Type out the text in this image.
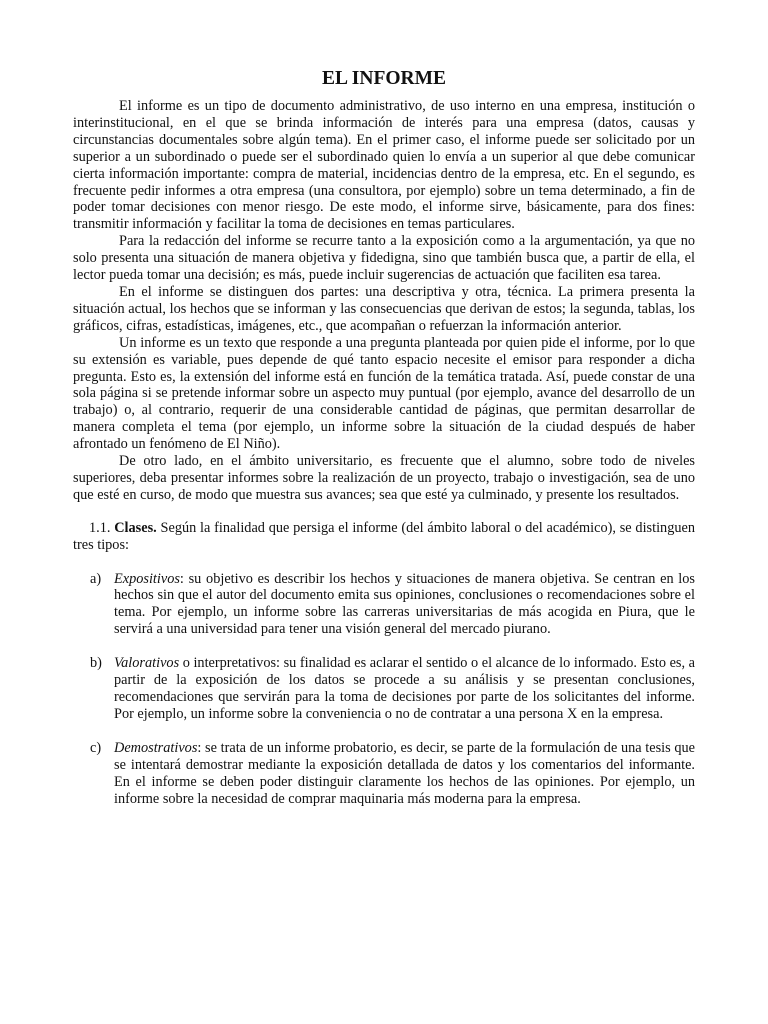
EL INFORME

El informe es un tipo de documento administrativo, de uso interno en una empresa, institución o interinstitucional, en el que se brinda información de interés para una empresa (datos, causas y circunstancias documentales sobre algún tema). En el primer caso, el informe puede ser solicitado por un superior a un subordinado o puede ser el subordinado quien lo envía a un superior al que debe comunicar cierta información importante: compra de material, incidencias dentro de la empresa, etc. En el segundo, es frecuente pedir informes a otra empresa (una consultora, por ejemplo) sobre un tema determinado, a fin de poder tomar decisiones con menor riesgo. De este modo, el informe sirve, básicamente, para dos fines: transmitir información y facilitar la toma de decisiones en temas particulares.

Para la redacción del informe se recurre tanto a la exposición como a la argumentación, ya que no solo presenta una situación de manera objetiva y fidedigna, sino que también busca que, a partir de ella, el lector pueda tomar una decisión; es más, puede incluir sugerencias de actuación que faciliten esa tarea.

En el informe se distinguen dos partes: una descriptiva y otra, técnica. La primera presenta la situación actual, los hechos que se informan y las consecuencias que derivan de estos; la segunda, tablas, los gráficos, cifras, estadísticas, imágenes, etc., que acompañan o refuerzan la información anterior.

Un informe es un texto que responde a una pregunta planteada por quien pide el informe, por lo que su extensión es variable, pues depende de qué tanto espacio necesite el emisor para responder a dicha pregunta. Esto es, la extensión del informe está en función de la temática tratada. Así, puede constar de una sola página si se pretende informar sobre un aspecto muy puntual (por ejemplo, avance del desarrollo de un trabajo) o, al contrario, requerir de una considerable cantidad de páginas, que permitan desarrollar de manera completa el tema (por ejemplo, un informe sobre la situación de la ciudad después de haber afrontado un fenómeno de El Niño).

De otro lado, en el ámbito universitario, es frecuente que el alumno, sobre todo de niveles superiores, deba presentar informes sobre la realización de un proyecto, trabajo o investigación, sea de uno que esté en curso, de modo que muestra sus avances; sea que esté ya culminado, y presente los resultados.

1.1. Clases. Según la finalidad que persiga el informe (del ámbito laboral o del académico), se distinguen tres tipos:
a) Expositivos: su objetivo es describir los hechos y situaciones de manera objetiva. Se centran en los hechos sin que el autor del documento emita sus opiniones, conclusiones o recomendaciones sobre el tema. Por ejemplo, un informe sobre las carreras universitarias de más acogida en Piura, que le servirá a una universidad para tener una visión general del mercado piurano.
b) Valorativos o interpretativos: su finalidad es aclarar el sentido o el alcance de lo informado. Esto es, a partir de la exposición de los datos se procede a su análisis y se presentan conclusiones, recomendaciones que servirán para la toma de decisiones por parte de los solicitantes del informe. Por ejemplo, un informe sobre la conveniencia o no de contratar a una persona X en la empresa.
c) Demostrativos: se trata de un informe probatorio, es decir, se parte de la formulación de una tesis que se intentará demostrar mediante la exposición detallada de datos y los comentarios del informante. En el informe se deben poder distinguir claramente los hechos de las opiniones. Por ejemplo, un informe sobre la necesidad de comprar maquinaria más moderna para la empresa.
